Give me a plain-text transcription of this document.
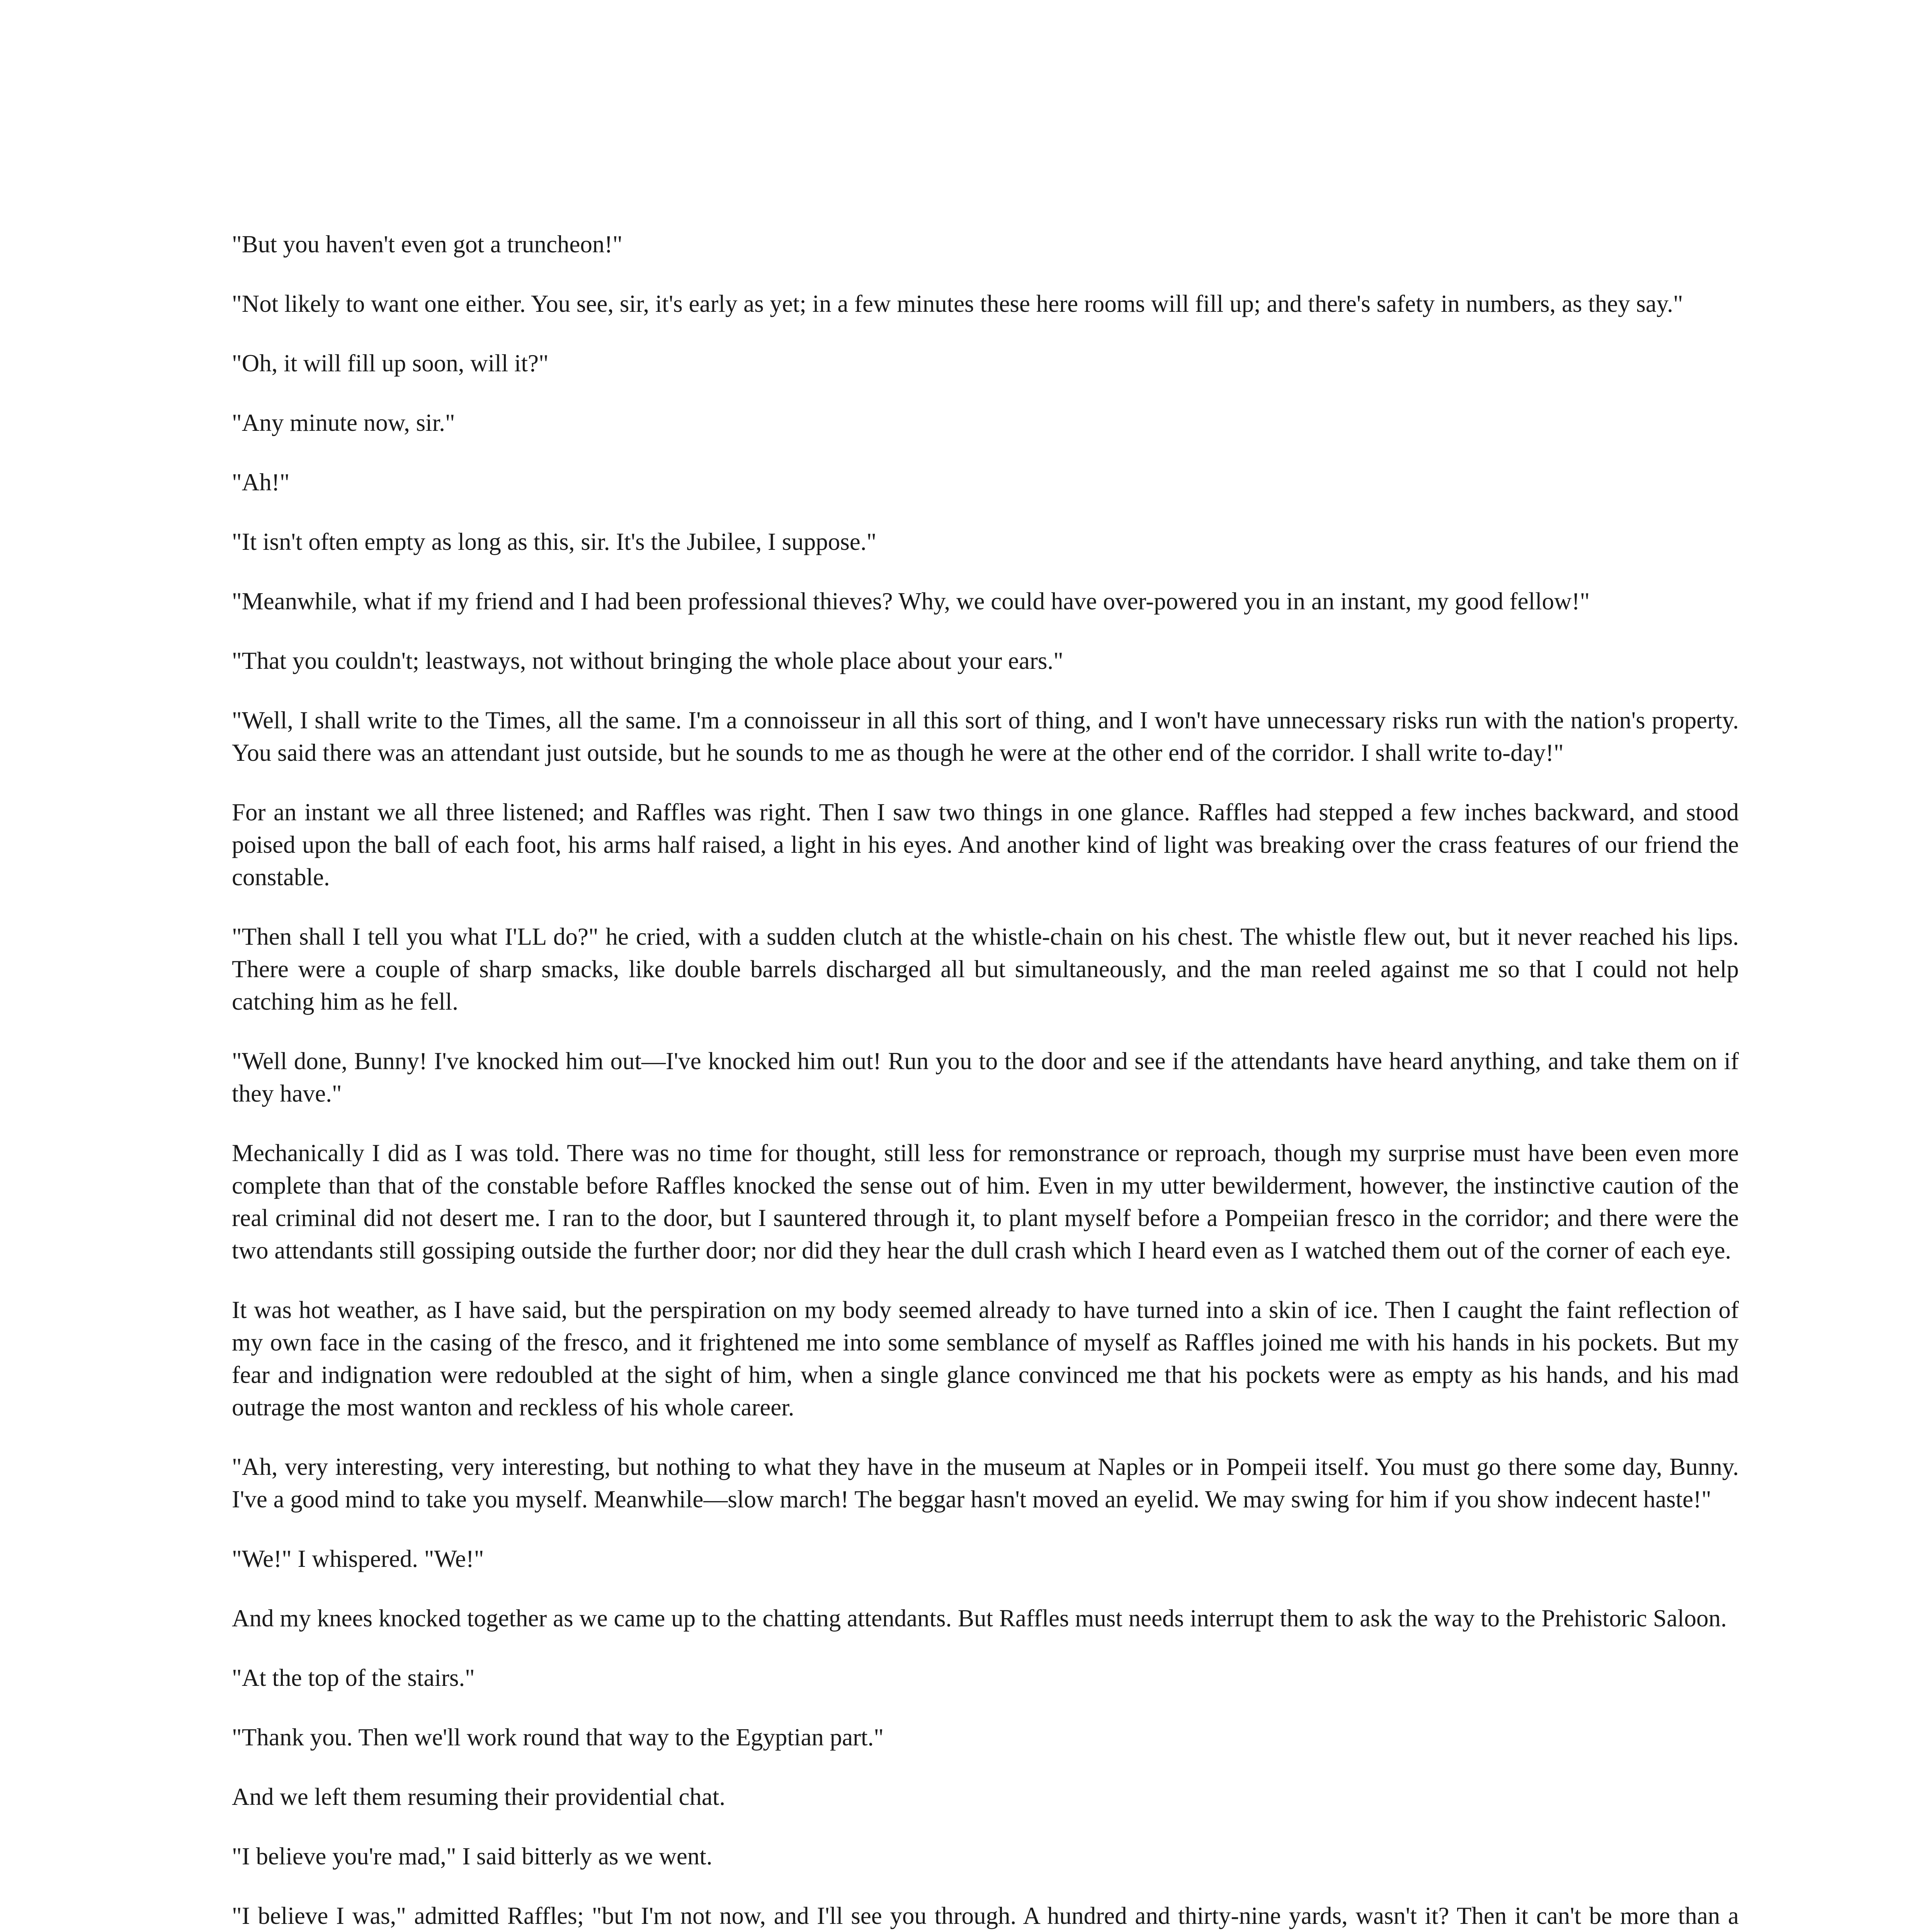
"But you haven't even got a truncheon!"

"Not likely to want one either. You see, sir, it's early as yet; in a few minutes these here rooms will fill up; and there's safety in numbers, as they say."

"Oh, it will fill up soon, will it?"

"Any minute now, sir."

"Ah!"

"It isn't often empty as long as this, sir. It's the Jubilee, I suppose."

"Meanwhile, what if my friend and I had been professional thieves? Why, we could have over-powered you in an instant, my good fellow!"

"That you couldn't; leastways, not without bringing the whole place about your ears."

"Well, I shall write to the Times, all the same. I'm a connoisseur in all this sort of thing, and I won't have unnecessary risks run with the nation's property. You said there was an attendant just outside, but he sounds to me as though he were at the other end of the corridor. I shall write to-day!"

For an instant we all three listened; and Raffles was right. Then I saw two things in one glance. Raffles had stepped a few inches backward, and stood poised upon the ball of each foot, his arms half raised, a light in his eyes. And another kind of light was breaking over the crass features of our friend the constable.

"Then shall I tell you what I'LL do?" he cried, with a sudden clutch at the whistle-chain on his chest. The whistle flew out, but it never reached his lips. There were a couple of sharp smacks, like double barrels discharged all but simultaneously, and the man reeled against me so that I could not help catching him as he fell.

"Well done, Bunny! I've knocked him out—I've knocked him out! Run you to the door and see if the attendants have heard anything, and take them on if they have."

Mechanically I did as I was told. There was no time for thought, still less for remonstrance or reproach, though my surprise must have been even more complete than that of the constable before Raffles knocked the sense out of him. Even in my utter bewilderment, however, the instinctive caution of the real criminal did not desert me. I ran to the door, but I sauntered through it, to plant myself before a Pompeiian fresco in the corridor; and there were the two attendants still gossiping outside the further door; nor did they hear the dull crash which I heard even as I watched them out of the corner of each eye.

It was hot weather, as I have said, but the perspiration on my body seemed already to have turned into a skin of ice. Then I caught the faint reflection of my own face in the casing of the fresco, and it frightened me into some semblance of myself as Raffles joined me with his hands in his pockets. But my fear and indignation were redoubled at the sight of him, when a single glance convinced me that his pockets were as empty as his hands, and his mad outrage the most wanton and reckless of his whole career.

"Ah, very interesting, very interesting, but nothing to what they have in the museum at Naples or in Pompeii itself. You must go there some day, Bunny. I've a good mind to take you myself. Meanwhile—slow march! The beggar hasn't moved an eyelid. We may swing for him if you show indecent haste!"

"We!" I whispered. "We!"

And my knees knocked together as we came up to the chatting attendants. But Raffles must needs interrupt them to ask the way to the Prehistoric Saloon.

"At the top of the stairs."

"Thank you. Then we'll work round that way to the Egyptian part."

And we left them resuming their providential chat.

"I believe you're mad," I said bitterly as we went.

"I believe I was," admitted Raffles; "but I'm not now, and I'll see you through. A hundred and thirty-nine yards, wasn't it? Then it can't be more than a
